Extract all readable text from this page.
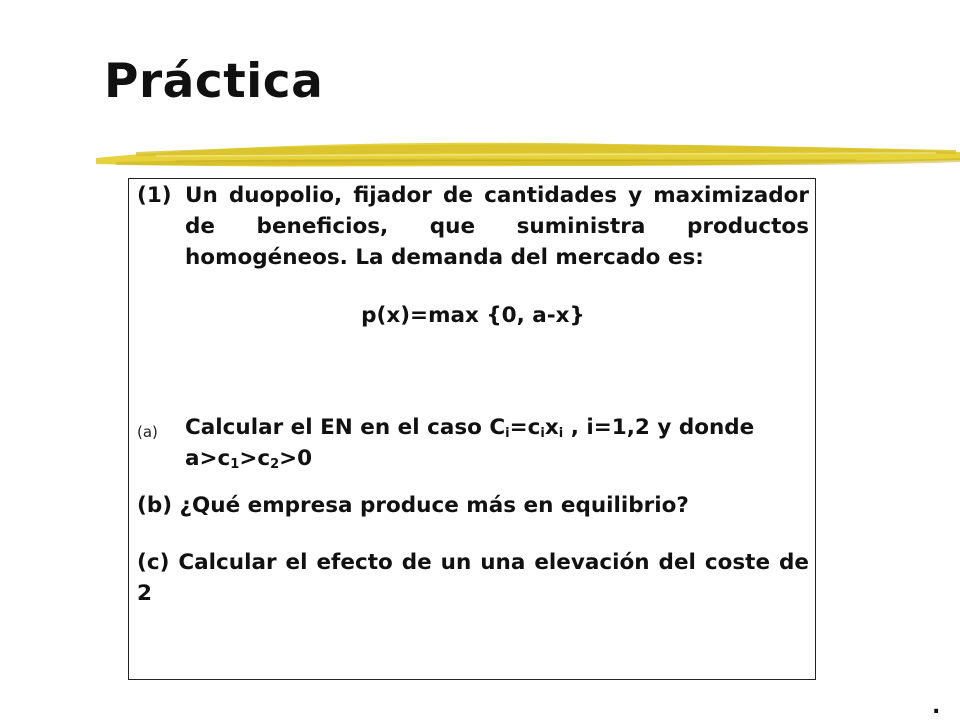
Práctica
(1) Un duopolio, fijador de cantidades y maximizador de beneficios, que suministra productos homogéneos. La demanda del mercado es:
p(x)=max {0, a-x}
(a) Calcular el EN en el caso $C_i=c_ix_i$ , i=1,2 y donde
$a>c_1>c_2>0$
(b) ¿Qué empresa produce más en equilibrio?
(c) Calcular el efecto de un una elevación del coste de 2
.
